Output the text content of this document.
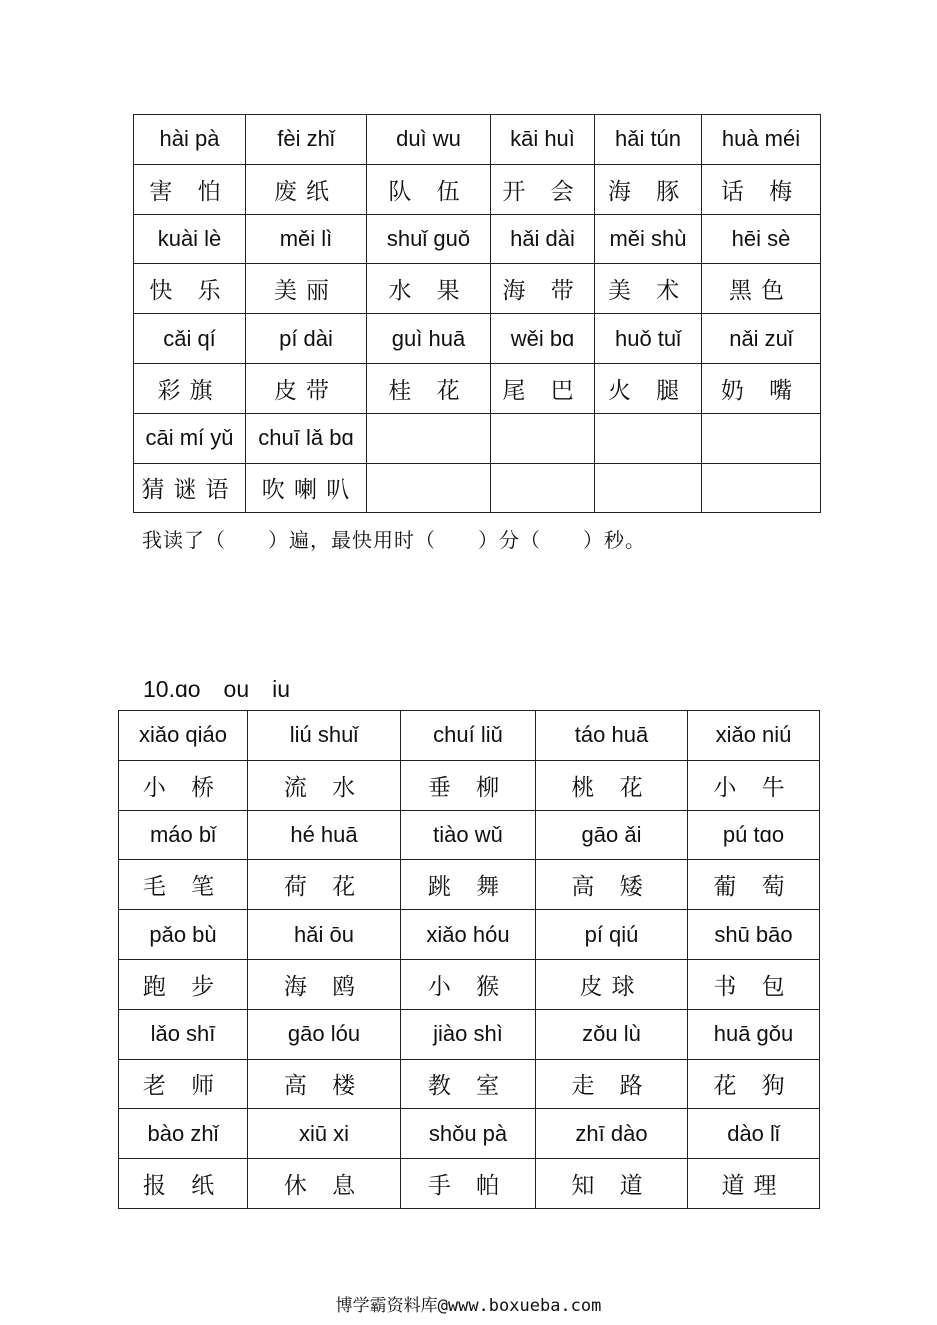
hài pà	fèi zhǐ	duì wu	kāi huì	hǎi tún	huà méi
害 怕	废纸	队 伍	开 会	海 豚	话 梅
kuài lè	měi lì	shuǐ guǒ	hǎi dài	měi shù	hēi sè
快 乐	美丽	水 果	海 带	美 术	黑色
cǎi qí	pí dài	guì huā	wěi bɑ	huǒ tuǐ	nǎi zuǐ
彩旗	皮带	桂 花	尾 巴	火 腿	奶 嘴
cāi mí yǔ	chuī lǎ bɑ				
猜谜语	吹 喇 叭				
我读了（　　）遍，最快用时（　　）分（　　）秒。
10.ɑo　ou　iu
xiǎo qiáo	liú shuǐ	chuí liǔ	táo huā	xiǎo niú
小 桥	流 水	垂 柳	桃 花	小 牛
máo bǐ	hé huā	tiào wǔ	gāo ǎi	pú tɑo
毛 笔	荷 花	跳 舞	高 矮	葡 萄
pǎo bù	hǎi ōu	xiǎo hóu	pí qiú	shū bāo
跑 步	海 鸥	小 猴	皮球	书 包
lǎo shī	gāo lóu	jiào shì	zǒu lù	huā gǒu
老 师	高 楼	教 室	走 路	花 狗
bào zhǐ	xiū xi	shǒu pà	zhī dào	dào lǐ
报 纸	休 息	手 帕	知 道	道理
博学霸资料库@www.boxueba.com
